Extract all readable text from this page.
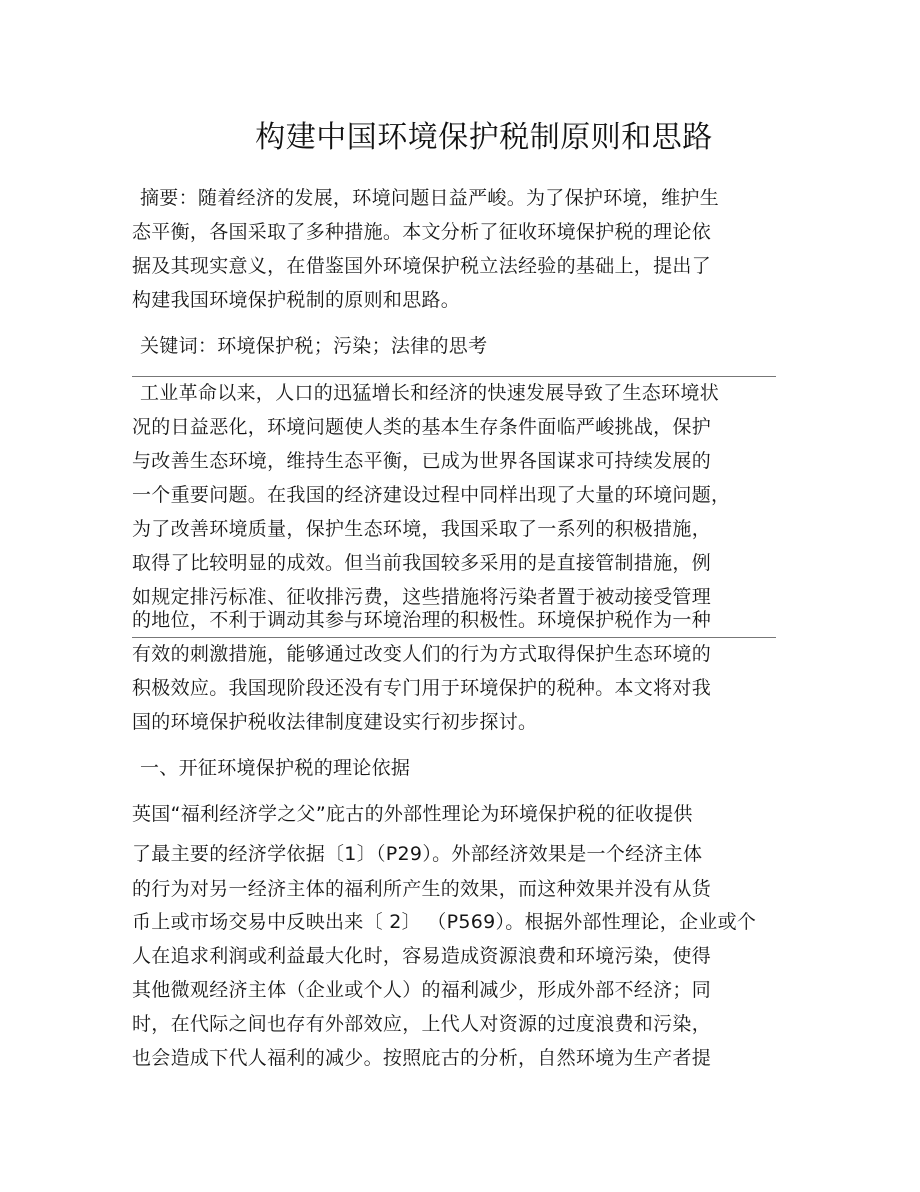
构建中国环境保护税制原则和思路
摘要：随着经济的发展，环境问题日益严峻。为了保护环境，维护生
态平衡，各国采取了多种措施。本文分析了征收环境保护税的理论依
据及其现实意义，在借鉴国外环境保护税立法经验的基础上，提出了
构建我国环境保护税制的原则和思路。
关键词：环境保护税；污染；法律的思考
工业革命以来，人口的迅猛增长和经济的快速发展导致了生态环境状
况的日益恶化，环境问题使人类的基本生存条件面临严峻挑战，保护
与改善生态环境，维持生态平衡，已成为世界各国谋求可持续发展的
一个重要问题。在我国的经济建设过程中同样出现了大量的环境问题，
为了改善环境质量，保护生态环境，我国采取了一系列的积极措施，
取得了比较明显的成效。但当前我国较多采用的是直接管制措施，例
如规定排污标准、征收排污费，这些措施将污染者置于被动接受管理
的地位，不利于调动其参与环境治理的积极性。环境保护税作为一种
有效的刺激措施，能够通过改变人们的行为方式取得保护生态环境的
积极效应。我国现阶段还没有专门用于环境保护的税种。本文将对我
国的环境保护税收法律制度建设实行初步探讨。
一、开征环境保护税的理论依据
英国“福利经济学之父”庇古的外部性理论为环境保护税的征收提供
了最主要的经济学依据〔1〕（P29）。外部经济效果是一个经济主体
的行为对另一经济主体的福利所产生的效果，而这种效果并没有从货
币上或市场交易中反映出来〔 2〕 （P569）。根据外部性理论，企业或个
人在追求利润或利益最大化时，容易造成资源浪费和环境污染，使得
其他微观经济主体（企业或个人）的福利减少，形成外部不经济；同
时，在代际之间也存有外部效应，上代人对资源的过度浪费和污染，
也会造成下代人福利的减少。按照庇古的分析，自然环境为生产者提
